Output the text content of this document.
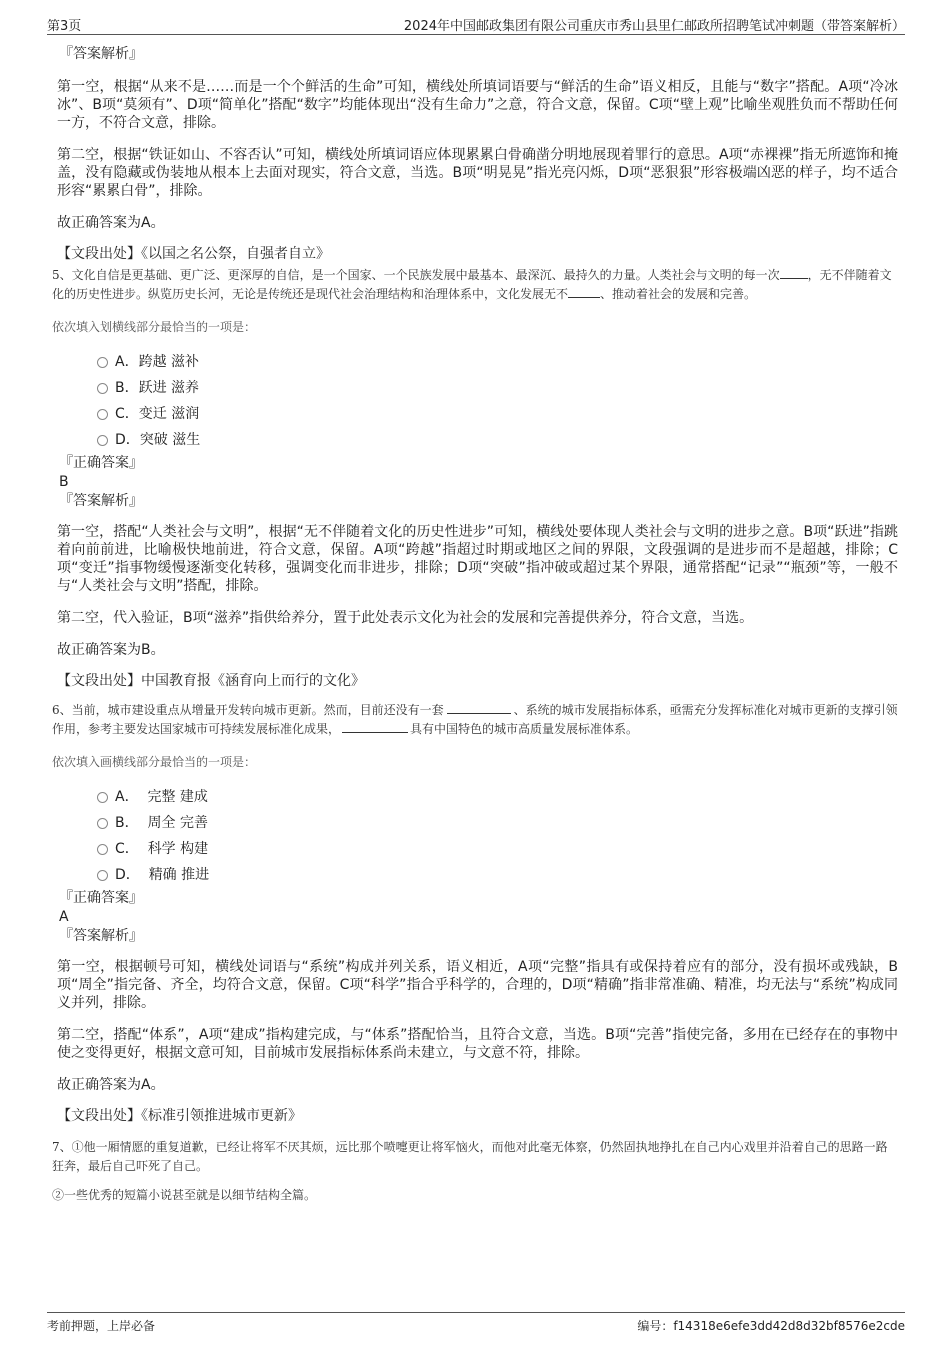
第3页	2024年中国邮政集团有限公司重庆市秀山县里仁邮政所招聘笔试冲刺题（带答案解析）
『答案解析』

第一空，根据“从来不是……而是一个个鲜活的生命”可知，横线处所填词语要与“鲜活的生命”语义相反，且能与“数字”搭配。A项“冷冰冰”、B项“莫须有”、D项“简单化”搭配“数字”均能体现出“没有生命力”之意，符合文意，保留。C项“壁上观”比喻坐观胜负而不帮助任何一方，不符合文意，排除。

第二空，根据“铁证如山、不容否认”可知，横线处所填词语应体现累累白骨确凿分明地展现着罪行的意思。A项“赤裸裸”指无所遮饰和掩盖，没有隐藏或伪装地从根本上去面对现实，符合文意，当选。B项“明晃晃”指光亮闪烁，D项“恶狠狠”形容极端凶恶的样子，均不适合形容“累累白骨”，排除。

故正确答案为A。

【文段出处】《以国之名公祭，自强者自立》

5、文化自信是更基础、更广泛、更深厚的自信，是一个国家、一个民族发展中最基本、最深沉、最持久的力量。人类社会与文明的每一次 ，无不伴随着文化的历史性进步。纵览历史长河，无论是传统还是现代社会治理结构和治理体系中，文化发展无不	、推动着社会的发展和完善。

依次填入划横线部分最恰当的一项是：

A．跨越 滋补
B．跃进 滋养
C．变迁 滋润
D．突破 滋生
『正确答案』
B
『答案解析』

第一空，搭配“人类社会与文明”，根据“无不伴随着文化的历史性进步”可知，横线处要体现人类社会与文明的进步之意。B项“跃进”指跳着向前前进，比喻极快地前进，符合文意，保留。A项“跨越”指超过时期或地区之间的界限，文段强调的是进步而不是超越，排除；C项“变迁”指事物缓慢逐渐变化转移，强调变化而非进步，排除；D项“突破”指冲破或超过某个界限，通常搭配“记录”“瓶颈”等，一般不与“人类社会与文明”搭配，排除。

第二空，代入验证，B项“滋养”指供给养分，置于此处表示文化为社会的发展和完善提供养分，符合文意，当选。

故正确答案为B。

【文段出处】中国教育报《涵育向上而行的文化》

6、当前，城市建设重点从增量开发转向城市更新。然而，目前还没有一套	、系统的城市发展指标体系，亟需充分发挥标准化对城市更新的支撑引领作用，参考主要发达国家城市可持续发展标准化成果，	具有中国特色的城市高质量发展标准体系。

依次填入画横线部分最恰当的一项是：

A． 完整 建成
B． 周全 完善
C． 科学 构建
D． 精确 推进
『正确答案』
A
『答案解析』

第一空，根据顿号可知，横线处词语与“系统”构成并列关系，语义相近，A项“完整”指具有或保持着应有的部分，没有损坏或残缺，B项“周全”指完备、齐全，均符合文意，保留。C项“科学”指合乎科学的，合理的，D项“精确”指非常准确、精准，均无法与“系统”构成同义并列，排除。

第二空，搭配“体系”，A项“建成”指构建完成，与“体系”搭配恰当，且符合文意，当选。B项“完善”指使完备，多用在已经存在的事物中使之变得更好，根据文意可知，目前城市发展指标体系尚未建立，与文意不符，排除。

故正确答案为A。

【文段出处】《标准引领推进城市更新》

7、①他一厢情愿的重复道歉，已经让将军不厌其烦，远比那个喷嚏更让将军恼火，而他对此毫无体察，仍然固执地挣扎在自己内心戏里并沿着自己的思路一路狂奔，最后自己吓死了自己。

②一些优秀的短篇小说甚至就是以细节结构全篇。

考前押题，上岸必备	编号：f14318e6efe3dd42d8d32bf8576e2cde
